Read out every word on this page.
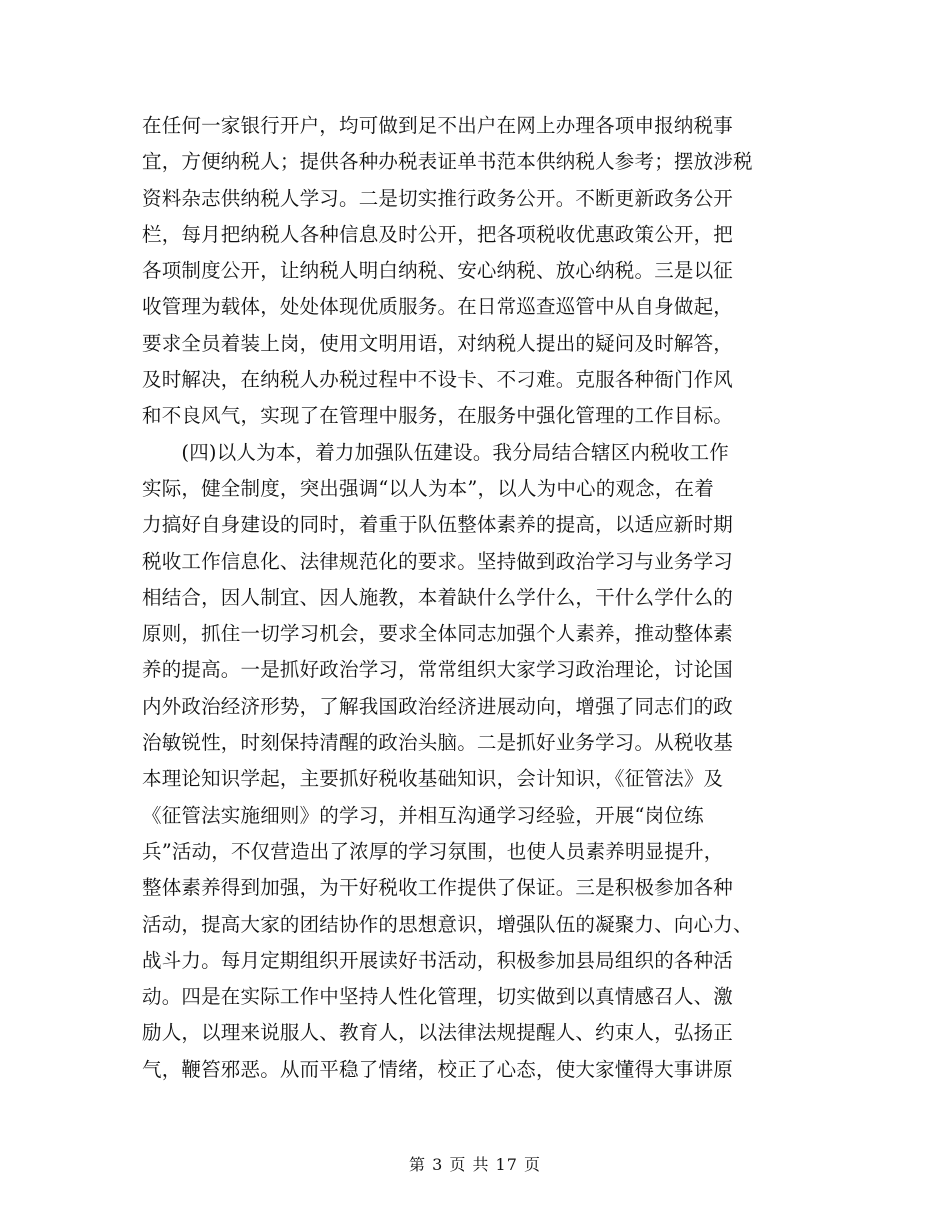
在任何一家银行开户，均可做到足不出户在网上办理各项申报纳税事
宜，方便纳税人；提供各种办税表证单书范本供纳税人参考；摆放涉税
资料杂志供纳税人学习。二是切实推行政务公开。不断更新政务公开
栏，每月把纳税人各种信息及时公开，把各项税收优惠政策公开，把
各项制度公开，让纳税人明白纳税、安心纳税、放心纳税。三是以征
收管理为载体，处处体现优质服务。在日常巡查巡管中从自身做起，
要求全员着装上岗，使用文明用语，对纳税人提出的疑问及时解答，
及时解决，在纳税人办税过程中不设卡、不刁难。克服各种衙门作风
和不良风气，实现了在管理中服务，在服务中强化管理的工作目标。
　　(四)以人为本，着力加强队伍建设。我分局结合辖区内税收工作
实际，健全制度，突出强调“以人为本”，以人为中心的观念，在着
力搞好自身建设的同时，着重于队伍整体素养的提高，以适应新时期
税收工作信息化、法律规范化的要求。坚持做到政治学习与业务学习
相结合，因人制宜、因人施教，本着缺什么学什么，干什么学什么的
原则，抓住一切学习机会，要求全体同志加强个人素养，推动整体素
养的提高。一是抓好政治学习，常常组织大家学习政治理论，讨论国
内外政治经济形势，了解我国政治经济进展动向，增强了同志们的政
治敏锐性，时刻保持清醒的政治头脑。二是抓好业务学习。从税收基
本理论知识学起，主要抓好税收基础知识，会计知识，《征管法》及
《征管法实施细则》的学习，并相互沟通学习经验，开展“岗位练
兵”活动，不仅营造出了浓厚的学习氛围，也使人员素养明显提升，
整体素养得到加强，为干好税收工作提供了保证。三是积极参加各种
活动，提高大家的团结协作的思想意识，增强队伍的凝聚力、向心力、
战斗力。每月定期组织开展读好书活动，积极参加县局组织的各种活
动。四是在实际工作中坚持人性化管理，切实做到以真情感召人、激
励人，以理来说服人、教育人，以法律法规提醒人、约束人，弘扬正
气，鞭笞邪恶。从而平稳了情绪，校正了心态，使大家懂得大事讲原
第 3 页 共 17 页
